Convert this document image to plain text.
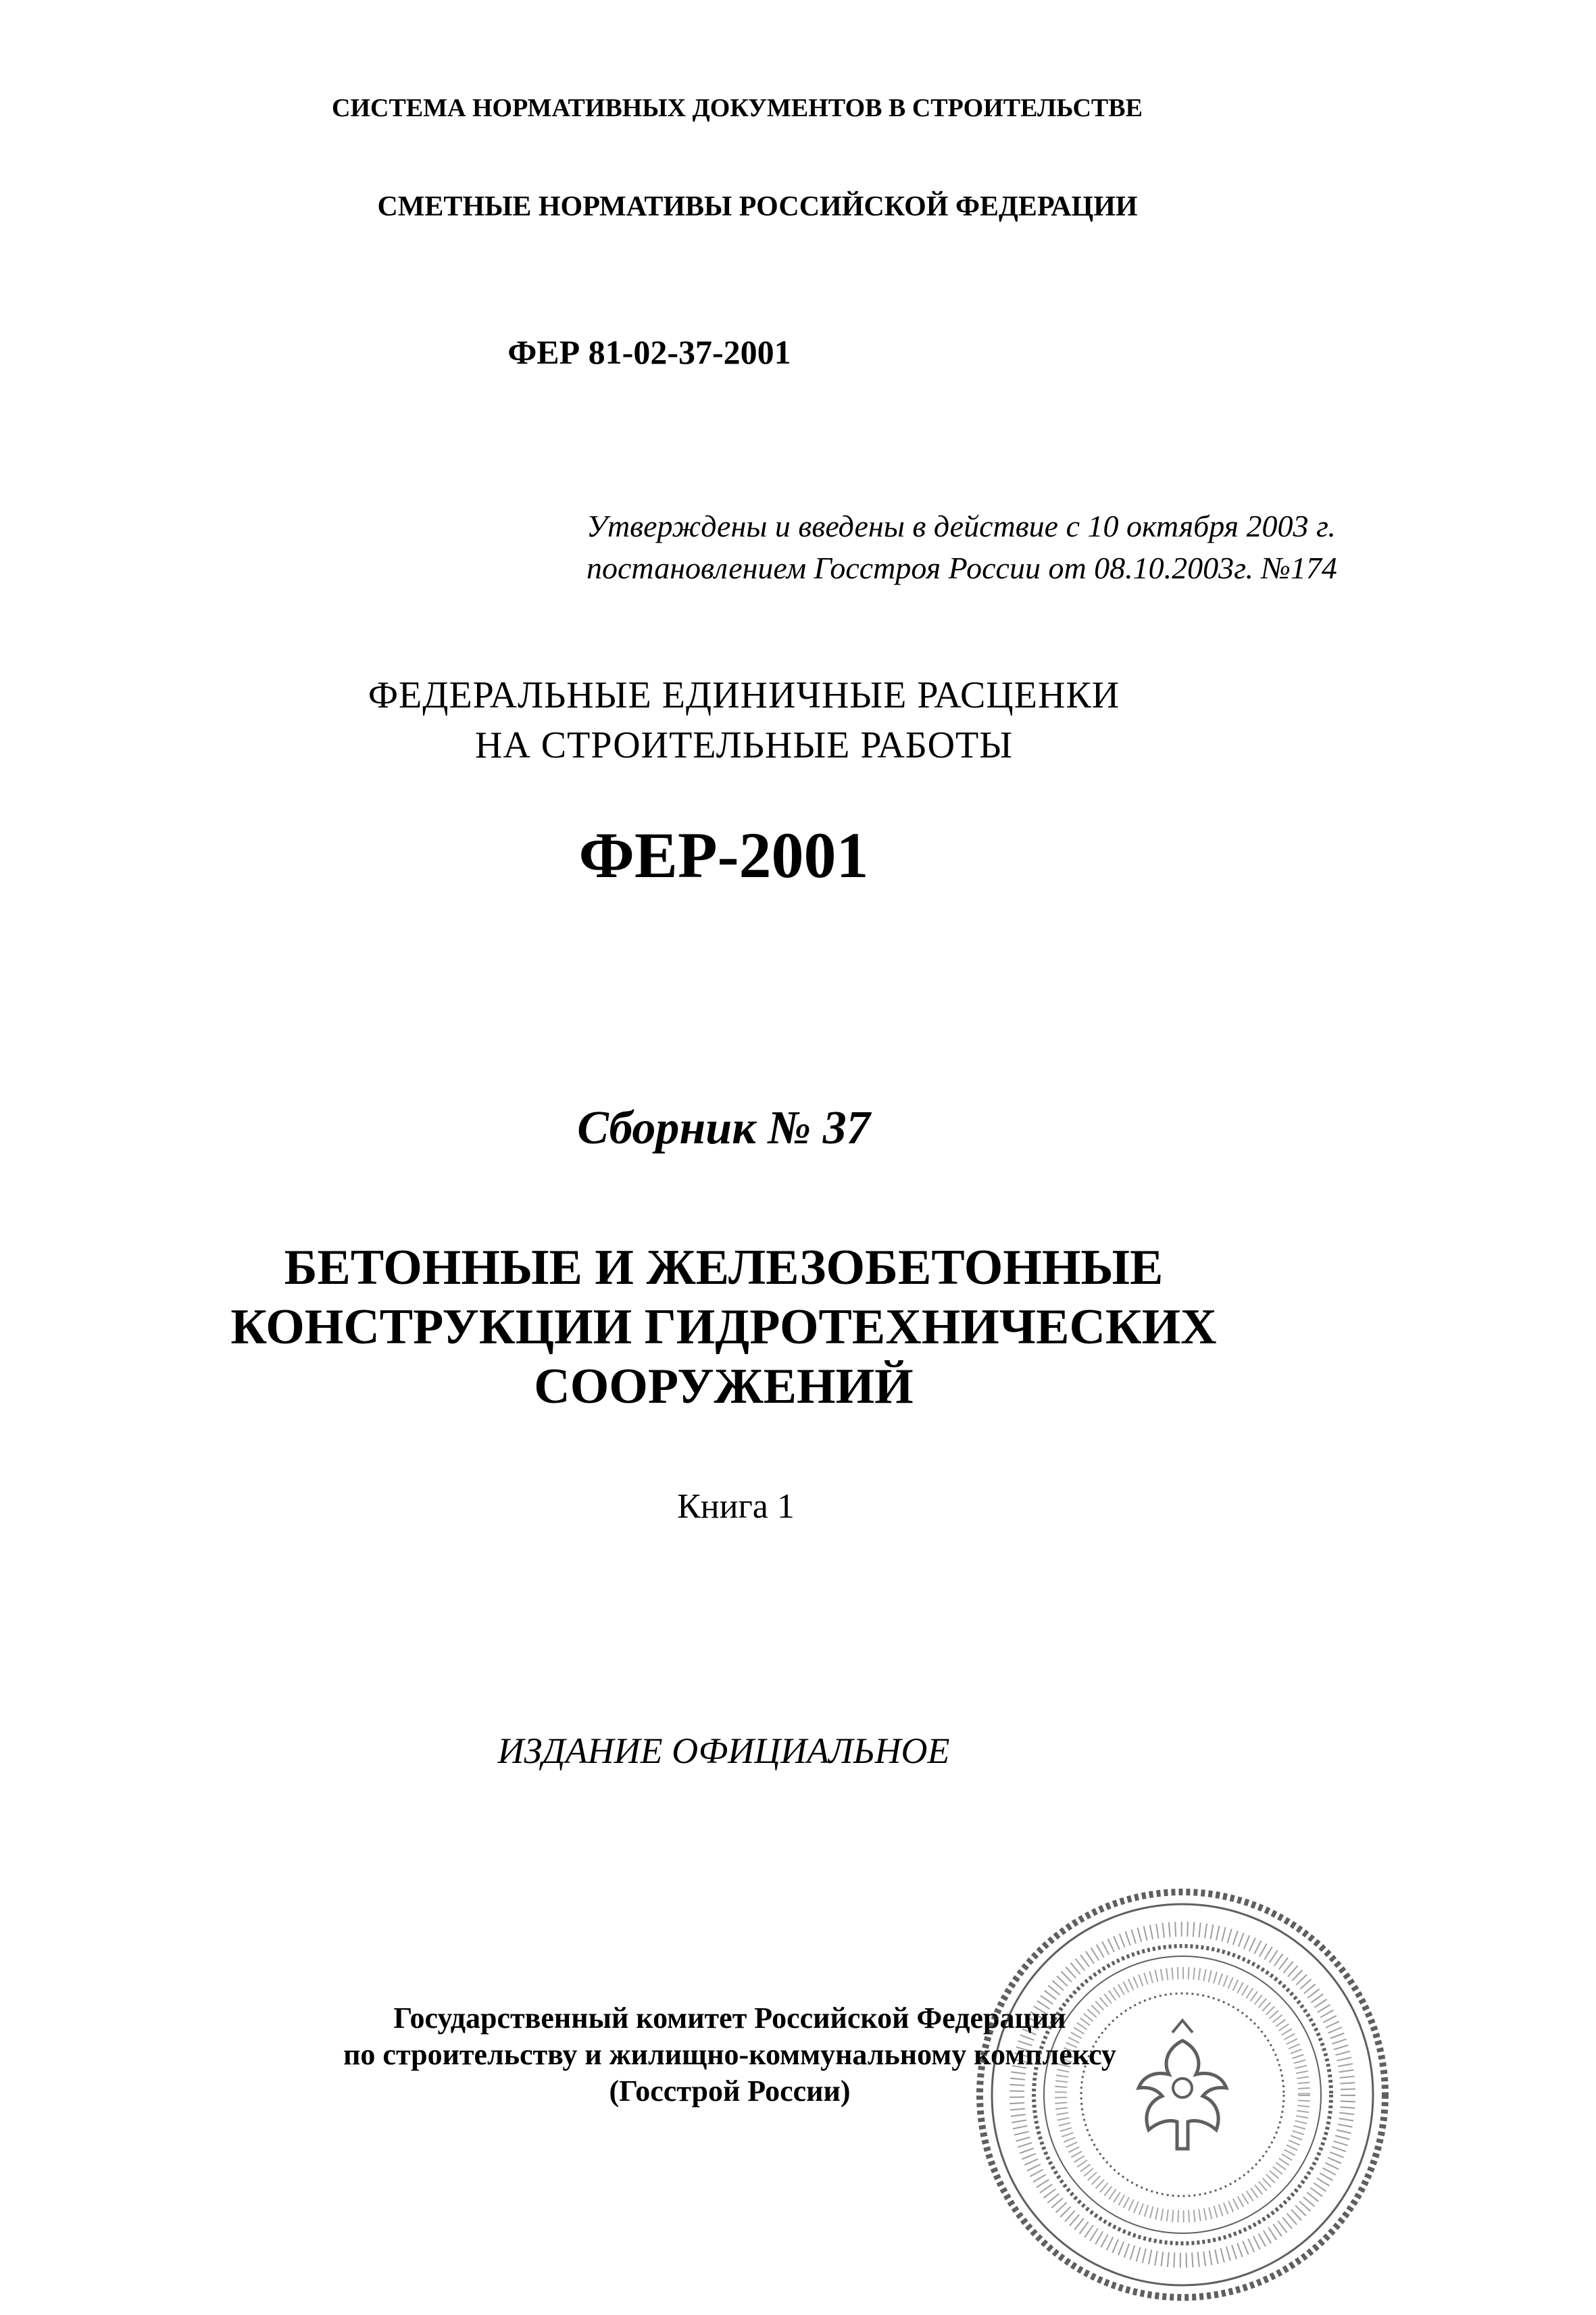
СИСТЕМА НОРМАТИВНЫХ ДОКУМЕНТОВ В СТРОИТЕЛЬСТВЕ
СМЕТНЫЕ НОРМАТИВЫ РОССИЙСКОЙ ФЕДЕРАЦИИ
ФЕР 81-02-37-2001
Утверждены и введены в действие с 10 октября 2003 г.
постановлением Госстроя России от 08.10.2003г. №174
ФЕДЕРАЛЬНЫЕ ЕДИНИЧНЫЕ РАСЦЕНКИ
НА СТРОИТЕЛЬНЫЕ РАБОТЫ
ФЕР-2001
Сборник № 37
БЕТОННЫЕ И ЖЕЛЕЗОБЕТОННЫЕ
КОНСТРУКЦИИ ГИДРОТЕХНИЧЕСКИХ
СООРУЖЕНИЙ
Книга 1
ИЗДАНИЕ ОФИЦИАЛЬНОЕ
Государственный комитет Российской Федерации
по строительству и жилищно-коммунальному комплексу
(Госстрой России)
